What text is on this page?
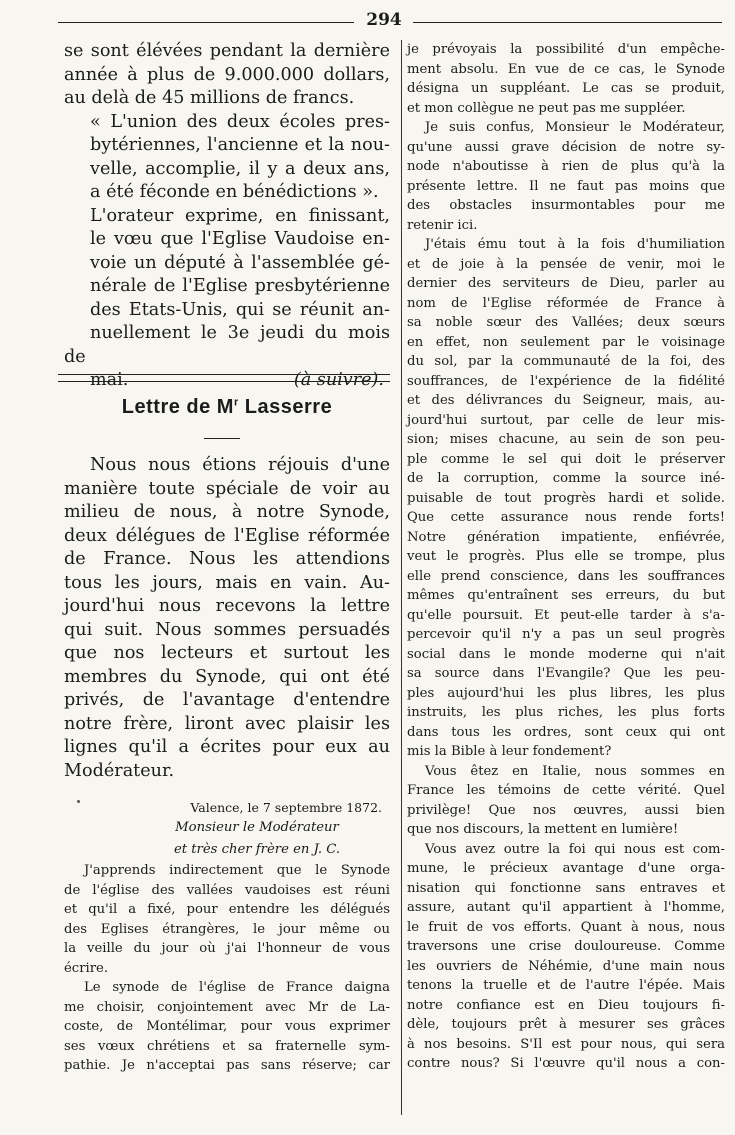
294

se sont élévées pendant la dernière
année à plus de 9.000.000 dollars,
au delà de 45 millions de francs.

« L'union des deux écoles pres-
bytériennes, l'ancienne et la nou-
velle, accomplie, il y a deux ans,
a été féconde en bénédictions ».

L'orateur exprime, en finissant,
le vœu que l'Eglise Vaudoise en-
voie un député à l'assemblée gé-
nérale de l'Eglise presbytérienne
des Etats-Unis, qui se réunit an-
nuellement le 3e jeudi du mois de
mai.	(à suivre).

Lettre de $M^r$ Lasserre

Nous nous étions réjouis d'une
manière toute spéciale de voir au
milieu de nous, à notre Synode,
deux délégues de l'Eglise réformée
de France. Nous les attendions
tous les jours, mais en vain. Au-
jourd'hui nous recevons la lettre
qui suit. Nous sommes persuadés
que nos lecteurs et surtout les
membres du Synode, qui ont été
privés, de l'avantage d'entendre
notre frère, liront avec plaisir les
lignes qu'il a écrites pour eux au
Modérateur.

Valence, le 7 septembre 1872.
Monsieur le Modérateur
et très cher frère en J. C.

J'apprends indirectement que le Synode
de l'église des vallées vaudoises est réuni
et qu'il a fixé, pour entendre les délégués
des Eglises étrangères, le jour même ou
la veille du jour où j'ai l'honneur de vous
écrire.

Le synode de l'église de France daigna
me choisir, conjointement avec Mr de La-
coste, de Montélimar, pour vous exprimer
ses vœux chrétiens et sa fraternelle sym-
pathie. Je n'acceptai pas sans réserve; car

je prévoyais la possibilité d'un empêche-
ment absolu. En vue de ce cas, le Synode
désigna un suppléant. Le cas se produit,
et mon collègue ne peut pas me suppléer.

Je suis confus, Monsieur le Modérateur,
qu'une aussi grave décision de notre sy-
node n'aboutisse à rien de plus qu'à la
présente lettre. Il ne faut pas moins que
des obstacles insurmontables pour me
retenir ici.

J'étais ému tout à la fois d'humiliation
et de joie à la pensée de venir, moi le
dernier des serviteurs de Dieu, parler au
nom de l'Eglise réformée de France à
sa noble sœur des Vallées; deux sœurs
en effet, non seulement par le voisinage
du sol, par la communauté de la foi, des
souffrances, de l'expérience de la fidélité
et des délivrances du Seigneur, mais, au-
jourd'hui surtout, par celle de leur mis-
sion; mises chacune, au sein de son peu-
ple comme le sel qui doit le préserver
de la corruption, comme la source iné-
puisable de tout progrès hardi et solide.
Que cette assurance nous rende forts!
Notre génération impatiente, enfiévrée,
veut le progrès. Plus elle se trompe, plus
elle prend conscience, dans les souffrances
mêmes qu'entraînent ses erreurs, du but
qu'elle poursuit. Et peut-elle tarder à s'a-
percevoir qu'il n'y a pas un seul progrès
social dans le monde moderne qui n'ait
sa source dans l'Evangile? Que les peu-
ples aujourd'hui les plus libres, les plus
instruits, les plus riches, les plus forts
dans tous les ordres, sont ceux qui ont
mis la Bible à leur fondement?

Vous êtez en Italie, nous sommes en
France les témoins de cette vérité. Quel
privilège! Que nos œuvres, aussi bien
que nos discours, la mettent en lumière!

Vous avez outre la foi qui nous est com-
mune, le précieux avantage d'une orga-
nisation qui fonctionne sans entraves et
assure, autant qu'il appartient à l'homme,
le fruit de vos efforts. Quant à nous, nous
traversons une crise douloureuse. Comme
les ouvriers de Néhémie, d'une main nous
tenons la truelle et de l'autre l'épée. Mais
notre confiance est en Dieu toujours fi-
dèle, toujours prêt à mesurer ses grâces
à nos besoins. S'Il est pour nous, qui sera
contre nous? Si l'œuvre qu'il nous a con-
